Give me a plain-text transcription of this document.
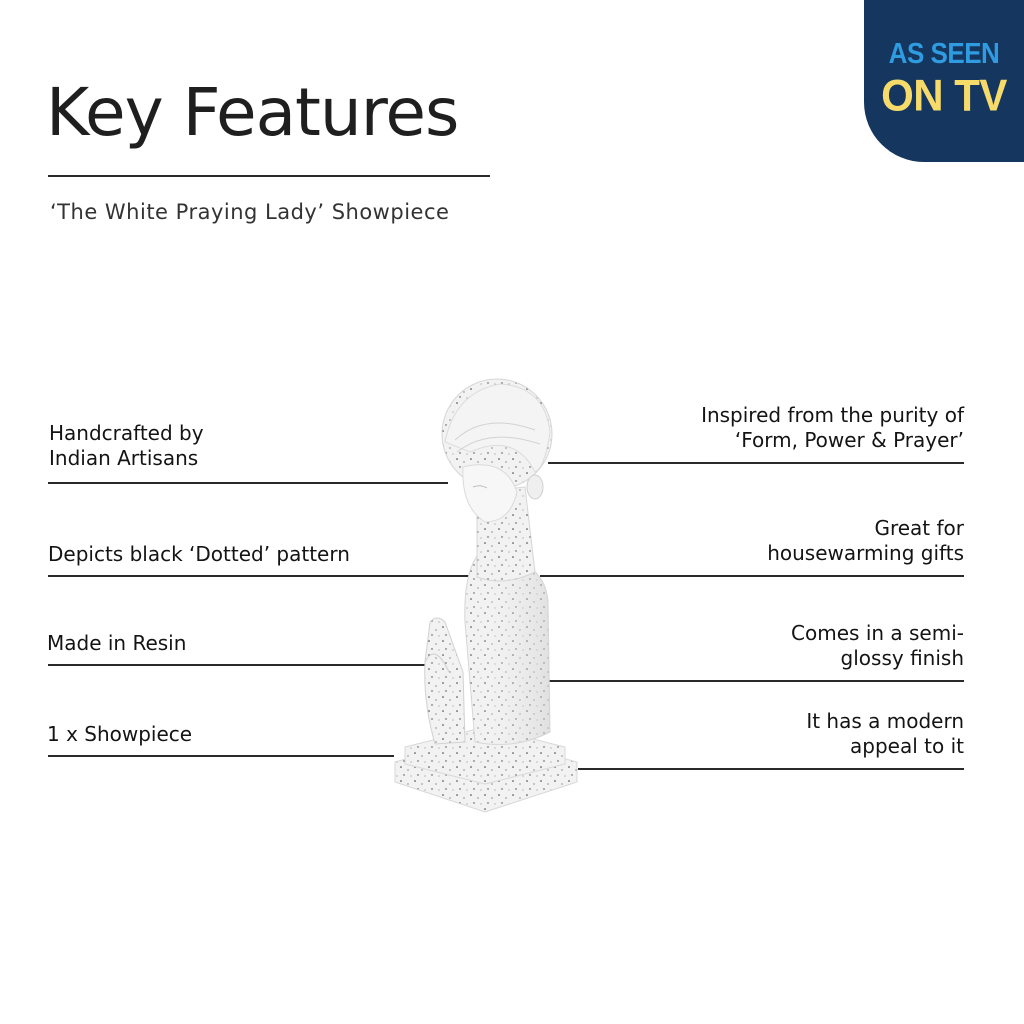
AS SEEN
ON TV
Key Features
‘The White Praying Lady’ Showpiece
Handcrafted by
Indian Artisans
Depicts black ‘Dotted’ pattern
Made in Resin
1 x Showpiece
Inspired from the purity of
‘Form, Power & Prayer’
Great for
housewarming gifts
Comes in a semi-
glossy finish
It has a modern
appeal to it
